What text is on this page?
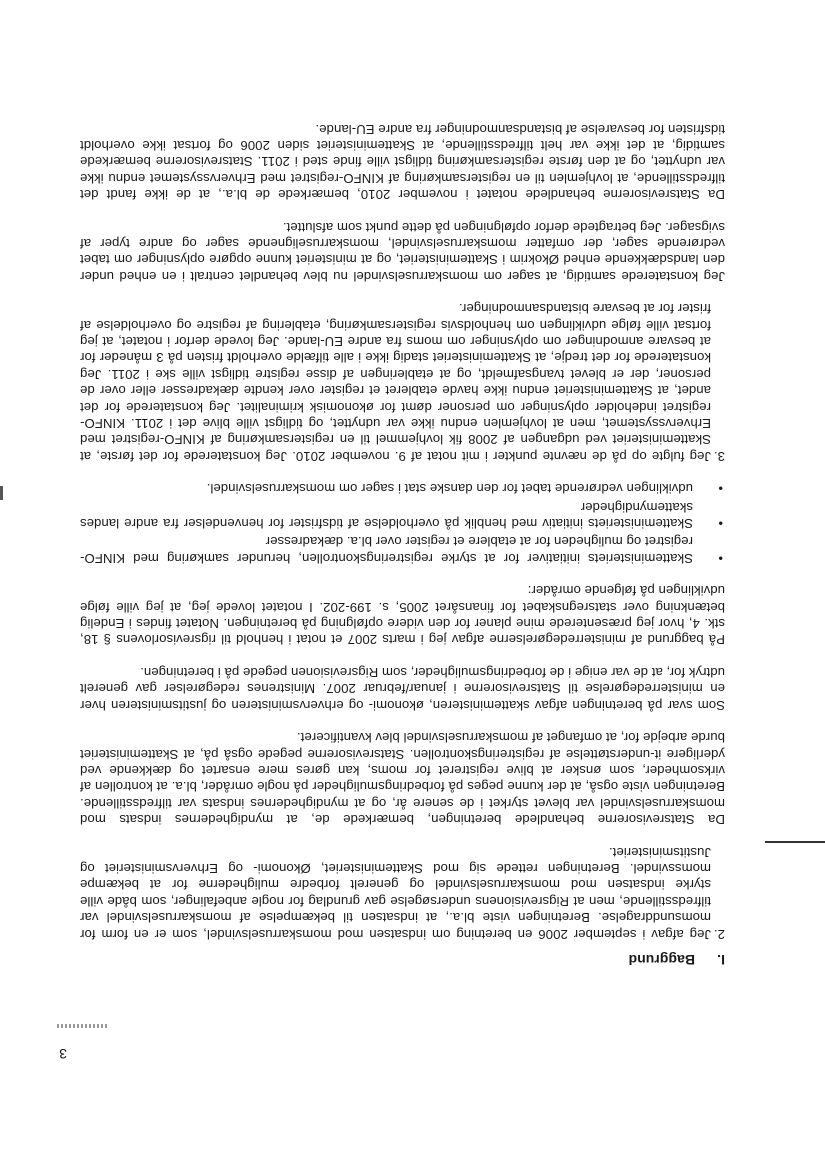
3
I.
Baggrund

2.
Jeg afgav i september 2006 en beretning om indsatsen mod momskarruselsvindel, som er en form for momsunddragelse. Beretningen viste bl.a., at indsatsen til bekæmpelse af momskarruselsvindel var tilfredsstillende, men at Rigsrevisionens undersøgelse gav grundlag for nogle anbefalinger, som både ville styrke indsatsen mod momskarruselsvindel og generelt forbedre mulighederne for at bekæmpe momssvindel. Beretningen rettede sig mod Skatteministeriet, Økonomi- og Erhvervsministeriet og Justitsministeriet.

Da Statsrevisorerne behandlede beretningen, bemærkede de, at myndighedernes indsats mod momskarruselsvindel var blevet styrket i de senere år, og at myndighedernes indsats var tilfredsstillende. Beretningen viste også, at der kunne peges på forbedringsmuligheder på nogle områder, bl.a. at kontrollen af virksomheder, som ønsker at blive registreret for moms, kan gøres mere ensartet og dækkende ved yderligere it-understøttelse af registreringskontrollen. Statsrevisorerne pegede også på, at Skatteministeriet burde arbejde for, at omfanget af momskarruselsvindel blev kvantificeret.

Som svar på beretningen afgav skatteministeren, økonomi- og erhvervsministeren og justitsministeren hver en ministerredegørelse til Statsrevisorerne i januar/februar 2007. Ministrenes redegørelser gav generelt udtryk for, at de var enige i de forbedringsmuligheder, som Rigsrevisionen pegede på i beretningen.

På baggrund af ministerredegørelserne afgav jeg i marts 2007 et notat i henhold til rigsrevisorlovens § 18, stk. 4, hvor jeg præsenterede mine planer for den videre opfølgning på beretningen. Notatet findes i Endelig betænkning over statsregnskabet for finansåret 2005, s. 199-202. I notatet lovede jeg, at jeg ville følge udviklingen på følgende områder:

•
Skatteministeriets initiativer for at styrke registreringskontrollen, herunder samkøring med KINFO-registret og muligheden for at etablere et register over bl.a. dækadresser
•
Skatteministeriets initiativ med henblik på overholdelse af tidsfrister for henvendelser fra andre landes skattemyndigheder
•
udviklingen vedrørende tabet for den danske stat i sager om momskarruselsvindel.

3.
Jeg fulgte op på de nævnte punkter i mit notat af 9. november 2010. Jeg konstaterede for det første, at Skatteministeriet ved udgangen af 2008 fik lovhjemmel til en registersamkøring af KINFO-registret med Erhvervssystemet, men at lovhjemlen endnu ikke var udnyttet, og tidligst ville blive det i 2011. KINFO-registret indeholder oplysninger om personer dømt for økonomisk kriminalitet. Jeg konstaterede for det andet, at Skatteministeriet endnu ikke havde etableret et register over kendte dækadresser eller over de personer, der er blevet tvangsafmeldt, og at etableringen af disse registre tidligst ville ske i 2011. Jeg konstaterede for det tredje, at Skatteministeriet stadig ikke i alle tilfælde overholdt fristen på 3 måneder for at besvare anmodninger om oplysninger om moms fra andre EU-lande. Jeg lovede derfor i notatet, at jeg fortsat ville følge udviklingen om henholdsvis registersamkøring, etablering af registre og overholdelse af frister for at besvare bistandsanmodninger.

Jeg konstaterede samtidig, at sager om momskarruselsvindel nu blev behandlet centralt i en enhed under den landsdækkende enhed Økokrim i Skatteministeriet, og at ministeriet kunne opgøre oplysninger om tabet vedrørende sager, der omfatter momskarruselsvindel, momskarruselignende sager og andre typer af svigsager. Jeg betragtede derfor opfølgningen på dette punkt som afsluttet.

Da Statsrevisorerne behandlede notatet i november 2010, bemærkede de bl.a., at de ikke fandt det tilfredsstillende, at lovhjemlen til en registersamkøring af KINFO-registret med Erhvervssystemet endnu ikke var udnyttet, og at den første registersamkøring tidligst ville finde sted i 2011. Statsrevisorerne bemærkede samtidig, at det ikke var helt tilfredsstillende, at Skatteministeriet siden 2006 og fortsat ikke overholdt tidsfristen for besvarelse af bistandsanmodninger fra andre EU-lande.
